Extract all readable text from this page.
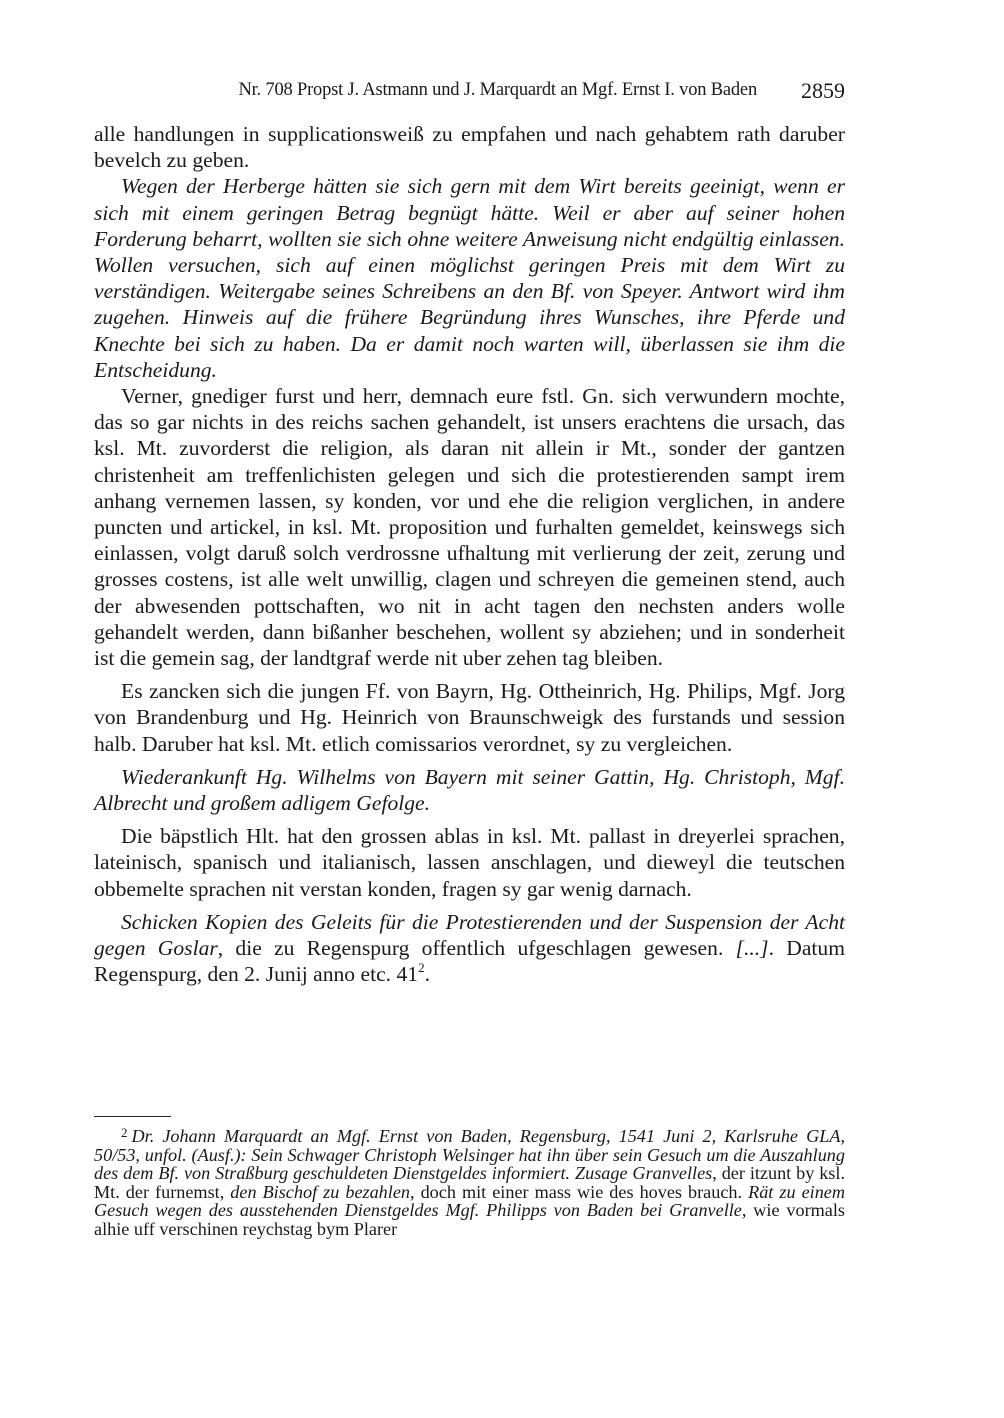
Nr. 708 Propst J. Astmann und J. Marquardt an Mgf. Ernst I. von Baden 2859

alle handlungen in supplicationsweiß zu empfahen und nach gehabtem rath daruber bevelch zu geben.

Wegen der Herberge hätten sie sich gern mit dem Wirt bereits geeinigt, wenn er sich mit einem geringen Betrag begnügt hätte. Weil er aber auf seiner hohen Forderung beharrt, wollten sie sich ohne weitere Anweisung nicht endgültig einlassen. Wollen versuchen, sich auf einen möglichst geringen Preis mit dem Wirt zu verständigen. Weitergabe seines Schreibens an den Bf. von Speyer. Antwort wird ihm zugehen. Hinweis auf die frühere Begründung ihres Wunsches, ihre Pferde und Knechte bei sich zu haben. Da er damit noch warten will, überlassen sie ihm die Entscheidung.

Verner, gnediger furst und herr, demnach eure fstl. Gn. sich verwundern mochte, das so gar nichts in des reichs sachen gehandelt, ist unsers erachtens die ursach, das ksl. Mt. zuvorderst die religion, als daran nit allein ir Mt., sonder der gantzen christenheit am treffenlichisten gelegen und sich die protestierenden sampt irem anhang vernemen lassen, sy konden, vor und ehe die religion verglichen, in andere puncten und artickel, in ksl. Mt. proposition und furhalten gemeldet, keinswegs sich einlassen, volgt daruß solch verdrossne ufhaltung mit verlierung der zeit, zerung und grosses costens, ist alle welt unwillig, clagen und schreyen die gemeinen stend, auch der abwesenden pottschaften, wo nit in acht tagen den nechsten anders wolle gehandelt werden, dann bißanher beschehen, wollent sy abziehen; und in sonderheit ist die gemein sag, der landtgraf werde nit uber zehen tag bleiben.

Es zancken sich die jungen Ff. von Bayrn, Hg. Ottheinrich, Hg. Philips, Mgf. Jorg von Brandenburg und Hg. Heinrich von Braunschweigk des furstands und session halb. Daruber hat ksl. Mt. etlich comissarios verordnet, sy zu vergleichen.

Wiederankunft Hg. Wilhelms von Bayern mit seiner Gattin, Hg. Christoph, Mgf. Albrecht und großem adligem Gefolge.

Die bäpstlich Hlt. hat den grossen ablas in ksl. Mt. pallast in dreyerlei sprachen, lateinisch, spanisch und italianisch, lassen anschlagen, und dieweyl die teutschen obbemelte sprachen nit verstan konden, fragen sy gar wenig darnach.

Schicken Kopien des Geleits für die Protestierenden und der Suspension der Acht gegen Goslar, die zu Regenspurg offentlich ufgeschlagen gewesen. [...]. Datum Regenspurg, den 2. Junij anno etc. $41^2$.

$^2$ Dr. Johann Marquardt an Mgf. Ernst von Baden, Regensburg, 1541 Juni 2, Karlsruhe GLA, 50/53, unfol. (Ausf.): Sein Schwager Christoph Welsinger hat ihn über sein Gesuch um die Auszahlung des dem Bf. von Straßburg geschuldeten Dienstgeldes informiert. Zusage Granvelles, der itzunt by ksl. Mt. der furnemst, den Bischof zu bezahlen, doch mit einer mass wie des hoves brauch. Rät zu einem Gesuch wegen des ausstehenden Dienstgeldes Mgf. Philipps von Baden bei Granvelle, wie vormals alhie uff verschinen reychstag bym Plarer
